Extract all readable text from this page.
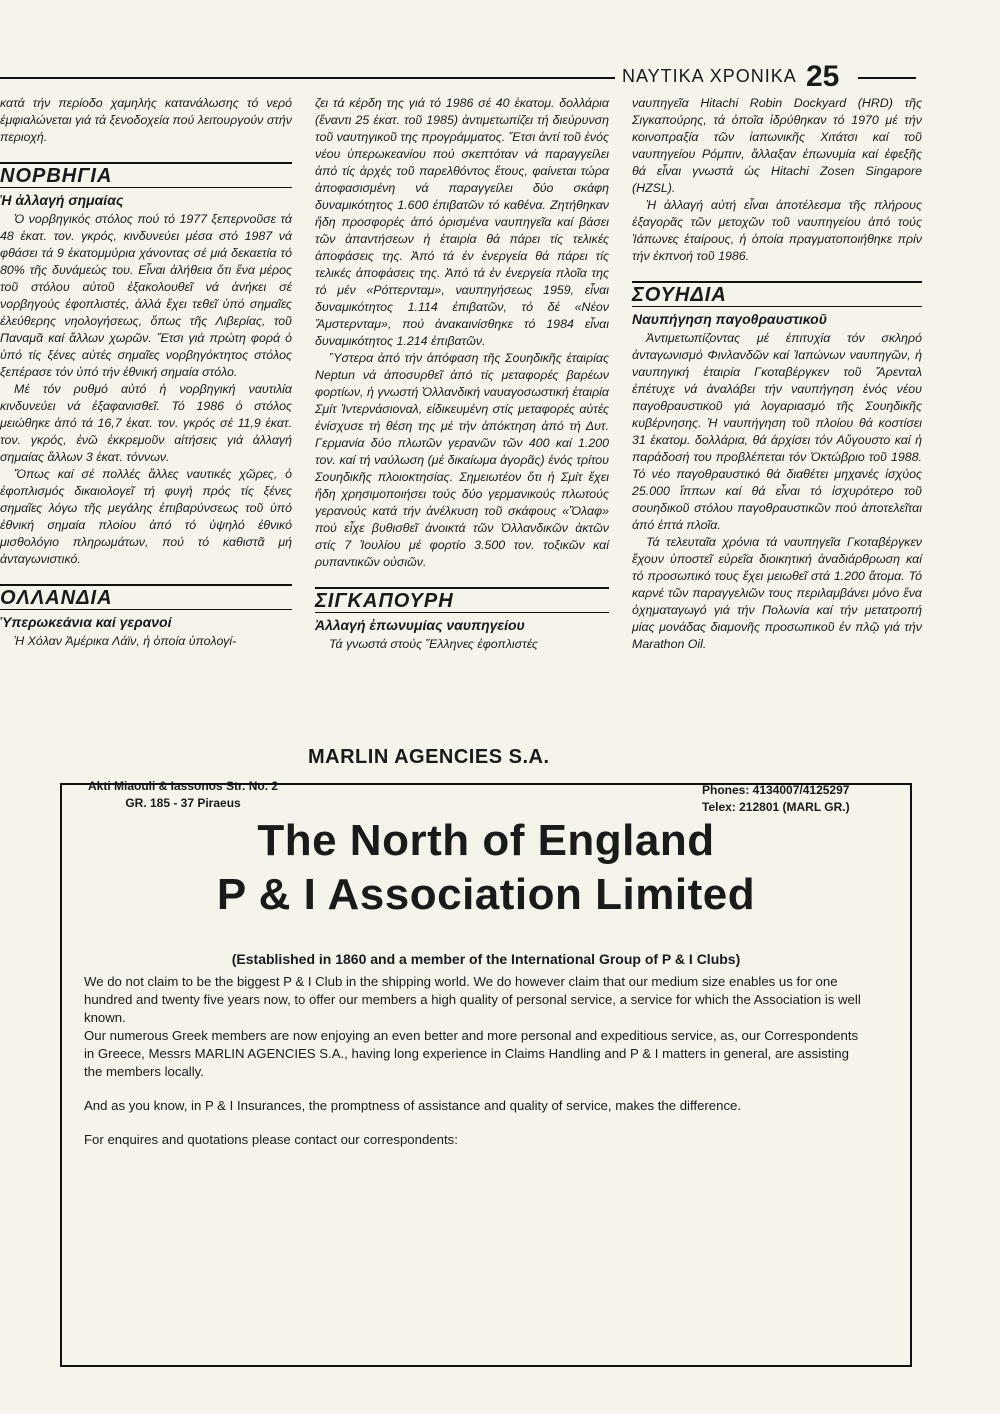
ΝΑΥΤΙΚΑ ΧΡΟΝΙΚΑ 25

κατά τήν περίοδο χαμηλής κατανάλωσης τό νερό έμφιαλώνεται γιά τά ξενοδοχεία πού λειτουργούν στήν περιοχή.

ΝΟΡΒΗΓΙΑ
Ἡ ἀλλαγή σημαίας

Ὁ νορβηγικός στόλος πού τό 1977 ξεπερνοῦσε τά 48 ἑκατ. τον. γκρός, κινδυνεύει μέσα στό 1987 νά φθάσει τά 9 ἑκατομμύρια χάνοντας σέ μιά δεκαετία τό 80% τῆς δυνάμεώς του. Εἶναι ἀλήθεια ὅτι ἕνα μέρος τοῦ στόλου αὐτοῦ ἐξακολουθεῖ νά ἀνήκει σέ νορβηγούς ἐφοπλιστές, ἀλλά ἔχει τεθεῖ ὑπό σημαῖες ἐλεύθερης νηολογήσεως, ὅπως τῆς Λιβερίας, τοῦ Παναμᾶ καί ἄλλων χωρῶν. Ἔτσι γιά πρώτη φορά ὁ ὑπό τίς ξένες αὐτές σημαῖες νορβηγόκτητος στόλος ξεπέρασε τόν ὑπό τήν ἐθνική σημαία στόλο.

Μέ τόν ρυθμό αὐτό ἡ νορβηγική ναυτιλία κινδυνεύει νά ἐξαφανισθεῖ. Τό 1986 ὁ στόλος μειώθηκε ἀπό τά 16,7 ἑκατ. τον. γκρός σέ 11,9 ἑκατ. τον. γκρός, ἐνῶ ἐκκρεμοῦν αἰτήσεις γιά ἀλλαγή σημαίας ἄλλων 3 ἑκατ. τόννων.

Ὅπως καί σέ πολλές ἄλλες ναυτικές χῶρες, ὁ ἐφοπλισμός δικαιολογεῖ τή φυγή πρός τίς ξένες σημαῖες λόγω τῆς μεγάλης ἐπιβαρύνσεως τοῦ ὑπό ἐθνική σημαία πλοίου ἀπό τό ὑψηλό ἐθνικό μισθολόγιο πληρωμάτων, πού τό καθιστᾶ μή ἀνταγωνιστικό.

ΟΛΛΑΝΔΙΑ
Ὑπερωκεάνια καί γερανοί

Ἡ Χόλαν Ἀμέρικα Λάϊν, ἡ ὁποία ὑπολογί-

ζει τά κέρδη της γιά τό 1986 σέ 40 ἑκατομ. δολλάρια (ἔναντι 25 ἑκατ. τοῦ 1985) ἀντιμετωπίζει τή διεύρυνση τοῦ ναυτηγικοῦ της προγράμματος. Ἔτσι ἀντί τοῦ ἑνός νέου ὑπερωκεανίου πού σκεπτόταν νά παραγγείλει ἀπό τίς ἀρχές τοῦ παρελθόντος ἔτους, φαίνεται τώρα ἀποφασισμένη νά παραγγείλει δύο σκάφη δυναμικότητος 1.600 ἐπιβατῶν τό καθένα. Ζητήθηκαν ἤδη προσφορές ἀπό ὁρισμένα ναυπηγεῖα καί βάσει τῶν ἀπαντήσεων ἡ ἑταιρία θά πάρει τίς τελικές ἀποφάσεις της. Ἀπό τά ἐν ἐνεργεία θά πάρει τίς τελικές ἀποφάσεις της. Ἀπό τά ἐν ἐνεργεία πλοῖα της τό μέν «Ρόττερνταμ», ναυπηγήσεως 1959, εἶναι δυναμικότητος 1.114 ἐπιβατῶν, τό δέ «Νέον Ἄμστερνταμ», πού ἀνακαινίσθηκε τό 1984 εἶναι δυναμικότητος 1.214 ἐπιβατῶν.

Ὕστερα ἀπό τήν ἀπόφαση τῆς Σουηδικῆς ἑταιρίας Neptun νά ἀποσυρθεῖ ἀπό τίς μεταφορές βαρέων φορτίων, ἡ γνωστή Ὀλλανδική ναυαγοσωστική ἑταιρία Σμίτ Ἰντερνάσιοναλ, εἰδικευμένη στίς μεταφορές αὐτές ἐνίσχυσε τή θέση της μέ τήν ἀπόκτηση ἀπό τή Δυτ. Γερμανία δύο πλωτῶν γερανῶν τῶν 400 καί 1.200 τον. καί τή ναύλωση (μέ δικαίωμα ἀγορᾶς) ἑνός τρίτου Σουηδικῆς πλοιοκτησίας. Σημειωτέον ὅτι ἡ Σμίτ ἔχει ἤδη χρησιμοποιήσει τούς δύο γερμανικούς πλωτούς γερανούς κατά τήν ἀνέλκυση τοῦ σκάφους «Ὄλαφ» πού εἶχε βυθισθεῖ ἀνοικτά τῶν Ὀλλανδικῶν ἀκτῶν στίς 7 Ἰουλίου μέ φορτίο 3.500 τον. τοξικῶν καί ρυπαντικῶν οὐσιῶν.

ΣΙΓΚΑΠΟΥΡΗ
Ἀλλαγή ἐπωνυμίας ναυπηγείου

Τά γνωστά στούς Ἕλληνες ἐφοπλιστές

ναυπηγεῖα Hitachi Robin Dockyard (HRD) τῆς Σιγκαπούρης, τά ὁποῖα ἱδρύθηκαν τό 1970 μέ τήν κοινοπραξία τῶν ἰαπωνικῆς Χιτάτσι καί τοῦ ναυπηγείου Ρόμπιν, ἄλλαξαν ἐπωνυμία καί ἐφεξῆς θά εἶναι γνωστά ὡς Hitachi Zosen Singapore (HZSL).

Ἡ ἀλλαγή αὐτή εἶναι ἀποτέλεσμα τῆς πλήρους ἐξαγορᾶς τῶν μετοχῶν τοῦ ναυπηγείου ἀπό τούς Ἰάπωνες ἑταίρους, ἡ ὁποία πραγματοποιήθηκε πρίν τήν ἐκπνοή τοῦ 1986.

ΣΟΥΗΔΙΑ
Ναυπήγηση παγοθραυστικοῦ

Ἀντιμετωπίζοντας μέ ἐπιτυχία τόν σκληρό ἀνταγωνισμό Φινλανδῶν καί Ἰαπώνων ναυπηγῶν, ἡ ναυπηγική ἑταιρία Γκοταβέργκεν τοῦ Ἄρενταλ ἐπέτυχε νά ἀναλάβει τήν ναυπήγηση ἑνός νέου παγοθραυστικοῦ γιά λογαριασμό τῆς Σουηδικῆς κυβέρνησης. Ἡ ναυπήγηση τοῦ πλοίου θά κοστίσει 31 ἑκατομ. δολλάρια, θά ἀρχίσει τόν Αὔγουστο καί ἡ παράδοσή του προβλέπεται τόν Ὀκτώβριο τοῦ 1988. Τό νέο παγοθραυστικό θά διαθέτει μηχανές ἰσχύος 25.000 ἵππων καί θά εἶναι τό ἰσχυρότερο τοῦ σουηδικοῦ στόλου παγοθραυστικῶν πού ἀποτελεῖται ἀπό ἑπτά πλοῖα.

Τά τελευταῖα χρόνια τά ναυπηγεῖα Γκοταβέργκεν ἔχουν ὑποστεῖ εὐρεῖα διοικητική ἀναδιάρθρωση καί τό προσωπικό τους ἔχει μειωθεῖ στά 1.200 ἄτομα. Τό καρνέ τῶν παραγγελιῶν τους περιλαμβάνει μόνο ἕνα ὀχηματαγωγό γιά τήν Πολωνία καί τήν μετατροπή μίας μονάδας διαμονῆς προσωπικοῦ ἐν πλῷ γιά τήν Marathon Oil.

The North of England
P & I Association Limited
(Established in 1860 and a member of the International Group of P & I Clubs)

We do not claim to be the biggest P & I Club in the shipping world. We do however claim that our medium size enables us for one hundred and twenty five years now, to offer our members a high quality of personal service, a service for which the Association is well known.

Our numerous Greek members are now enjoying an even better and more personal and expeditious service, as, our Correspondents in Greece, Messrs MARLIN AGENCIES S.A., having long experience in Claims Handling and P & I matters in general, are assisting the members locally.

And as you know, in P & I Insurances, the promptness of assistance and quality of service, makes the difference.

For enquires and quotations please contact our correspondents:

MARLIN AGENCIES S.A.
Akti Miaouli & Iassonos Str. No. 2
GR. 185 - 37 Piraeus
Phones: 4134007/4125297
Telex: 212801 (MARL GR.)
